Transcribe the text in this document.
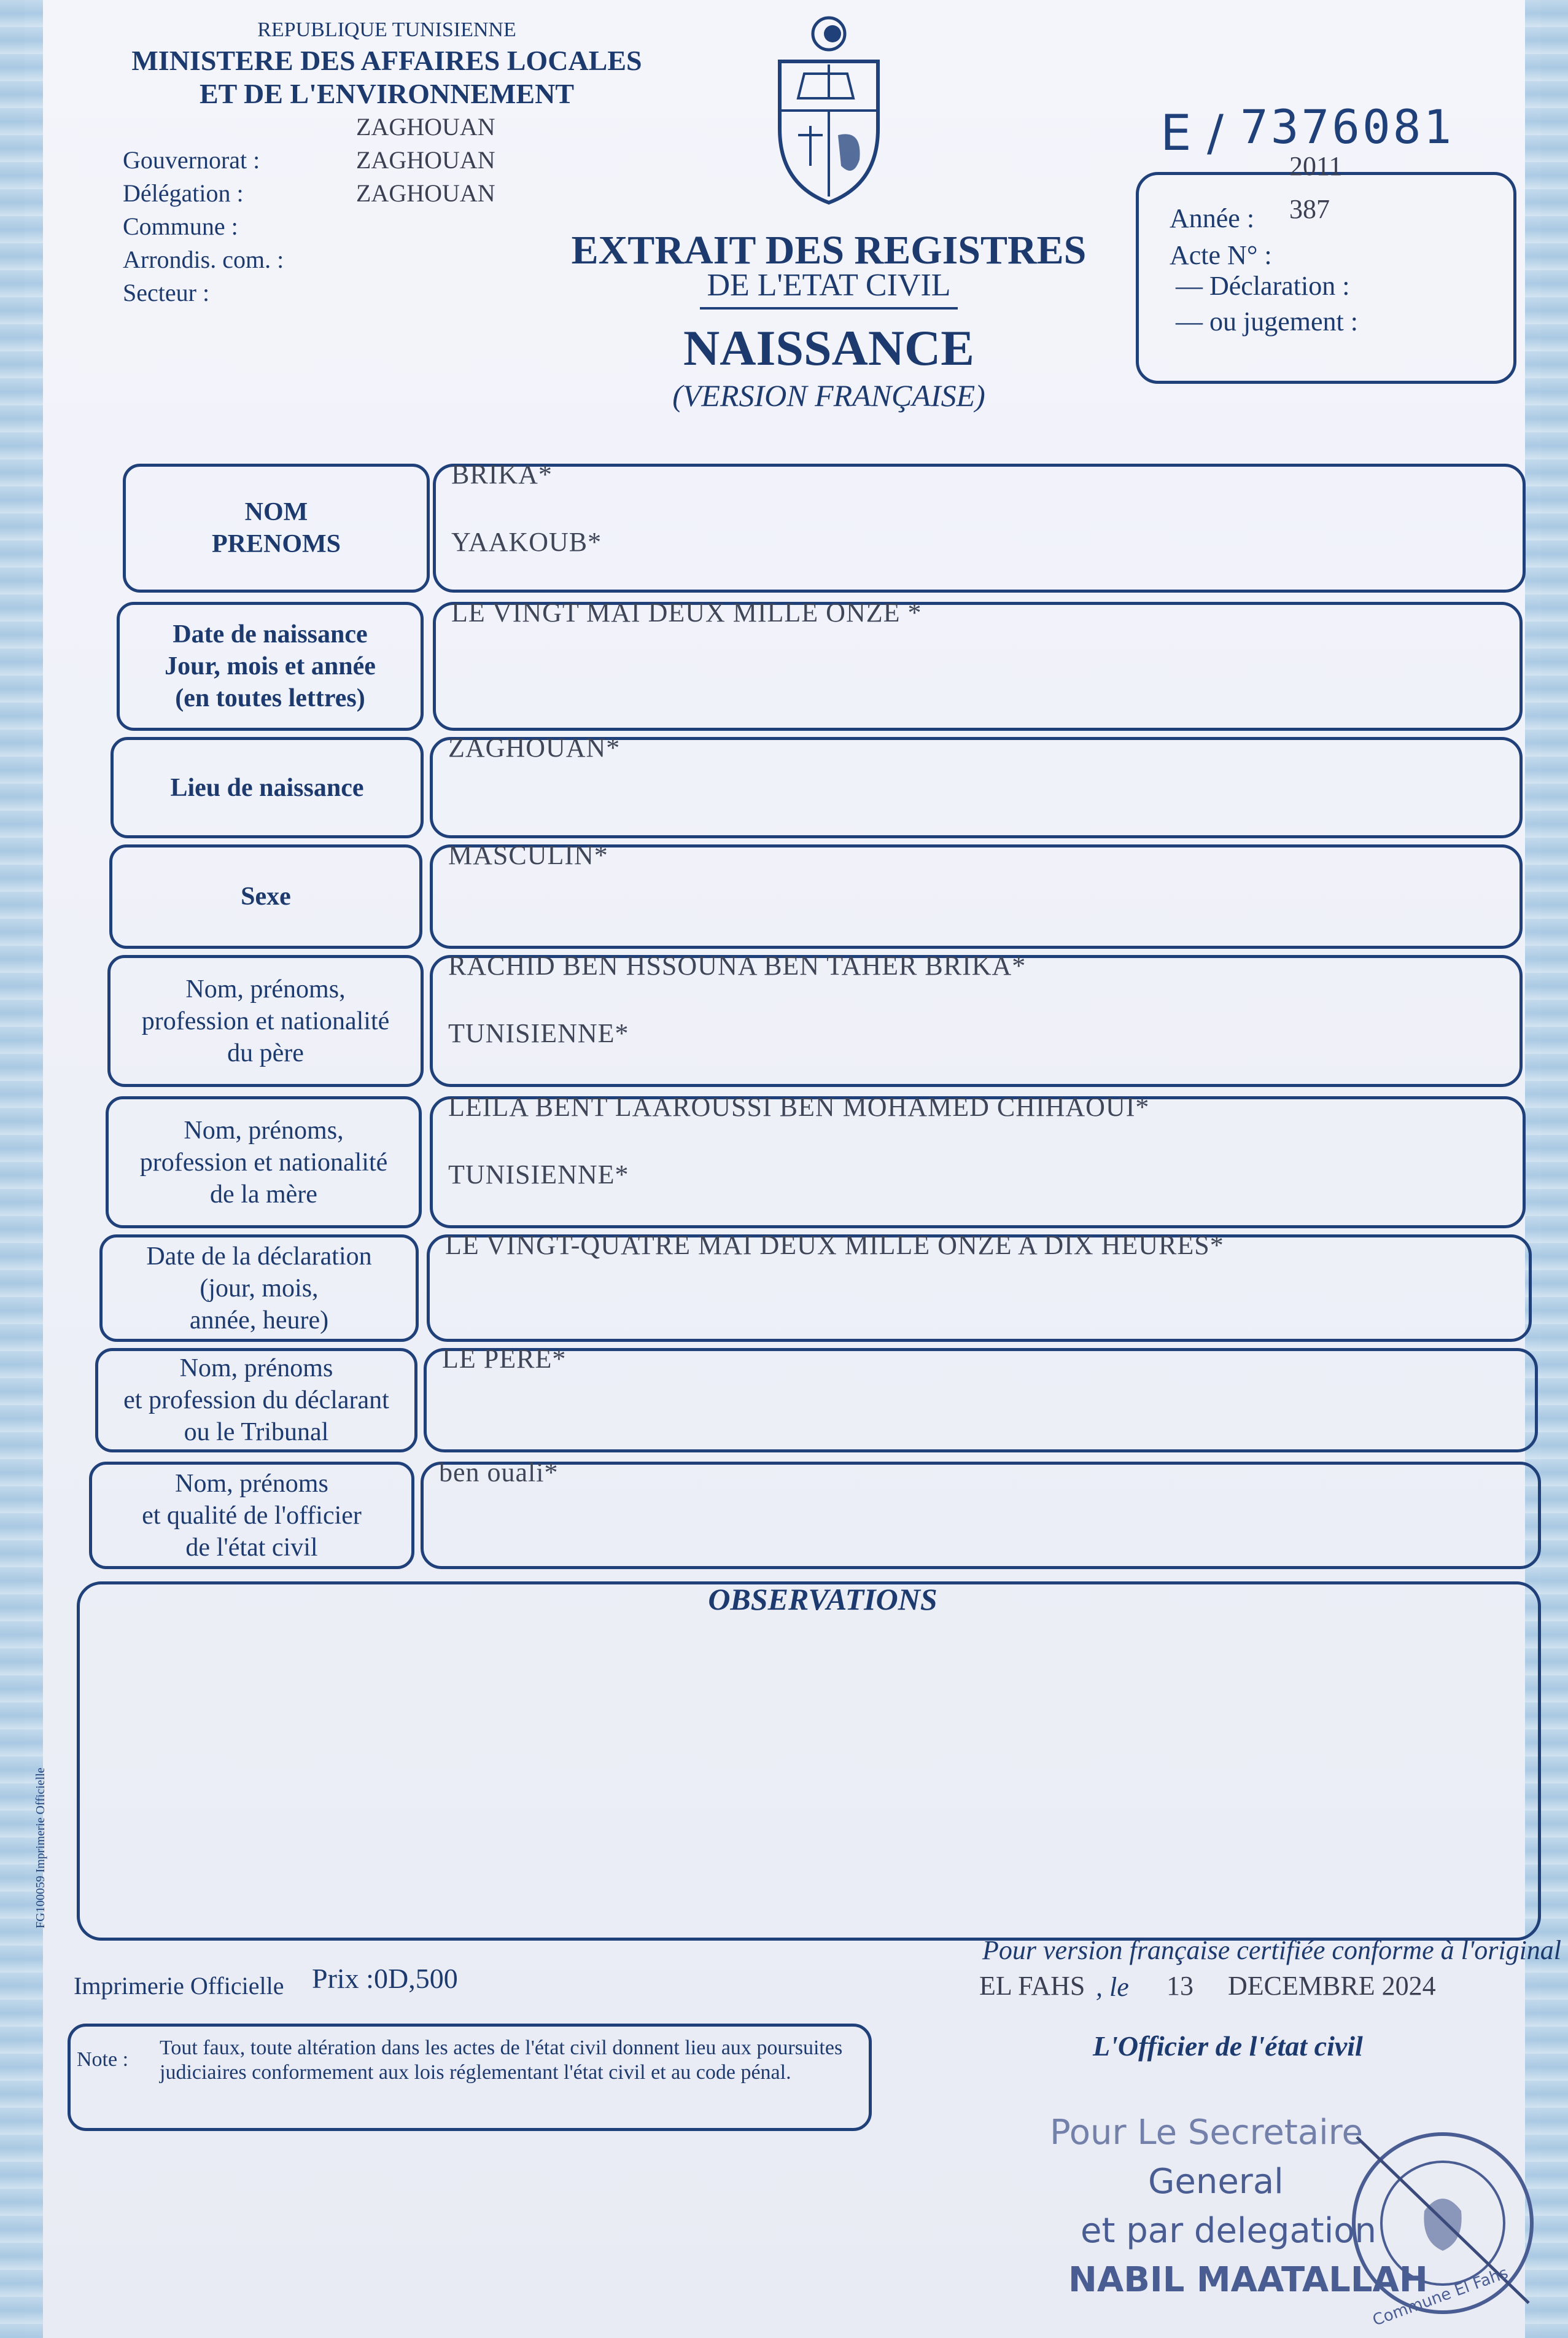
REPUBLIQUE TUNISIENNE
MINISTERE DES AFFAIRES LOCALES
ET DE L'ENVIRONNEMENT
ZAGHOUAN
Gouvernorat :	ZAGHOUAN
Délégation :	ZAGHOUAN
Commune :
Arrondis. com. :
Secteur :
EXTRAIT DES REGISTRES
DE L'ETAT CIVIL
NAISSANCE
(VERSION FRANÇAISE)
E / 7376081
2011
387
Année :
Acte N° :
— Déclaration :
— ou jugement :
NOM
PRENOMS
BRIKA*
YAAKOUB*
Date de naissance
Jour, mois et année
(en toutes lettres)
LE VINGT MAI DEUX MILLE ONZE *
Lieu de naissance
ZAGHOUAN*
Sexe
MASCULIN*
Nom, prénoms,
profession et nationalité
du père
RACHID BEN HSSOUNA BEN TAHER BRIKA*
TUNISIENNE*
Nom, prénoms,
profession et nationalité
de la mère
LEILA BENT LAAROUSSI BEN MOHAMED CHIHAOUI*
TUNISIENNE*
Date de la déclaration
(jour, mois,
année, heure)
LE VINGT-QUATRE MAI DEUX MILLE ONZE A DIX HEURES*
Nom, prénoms
et profession du déclarant
ou le Tribunal
LE PERE*
Nom, prénoms
et qualité de l'officier
de l'état civil
ben ouali*
OBSERVATIONS
FG100059 Imprimerie Officielle
Imprimerie Officielle Prix :0D,500
Pour version française certifiée conforme à l'original
EL FAHS , le 13 DECEMBRE 2024
L'Officier de l'état civil
Note :
Tout faux, toute altération dans les actes de l'état civil donnent lieu aux poursuites judiciaires conformement aux lois réglementant l'état civil et au code pénal.
Pour Le Secretaire
General
et par delegation
NABIL MAATALLAH
Commune El Fahs
